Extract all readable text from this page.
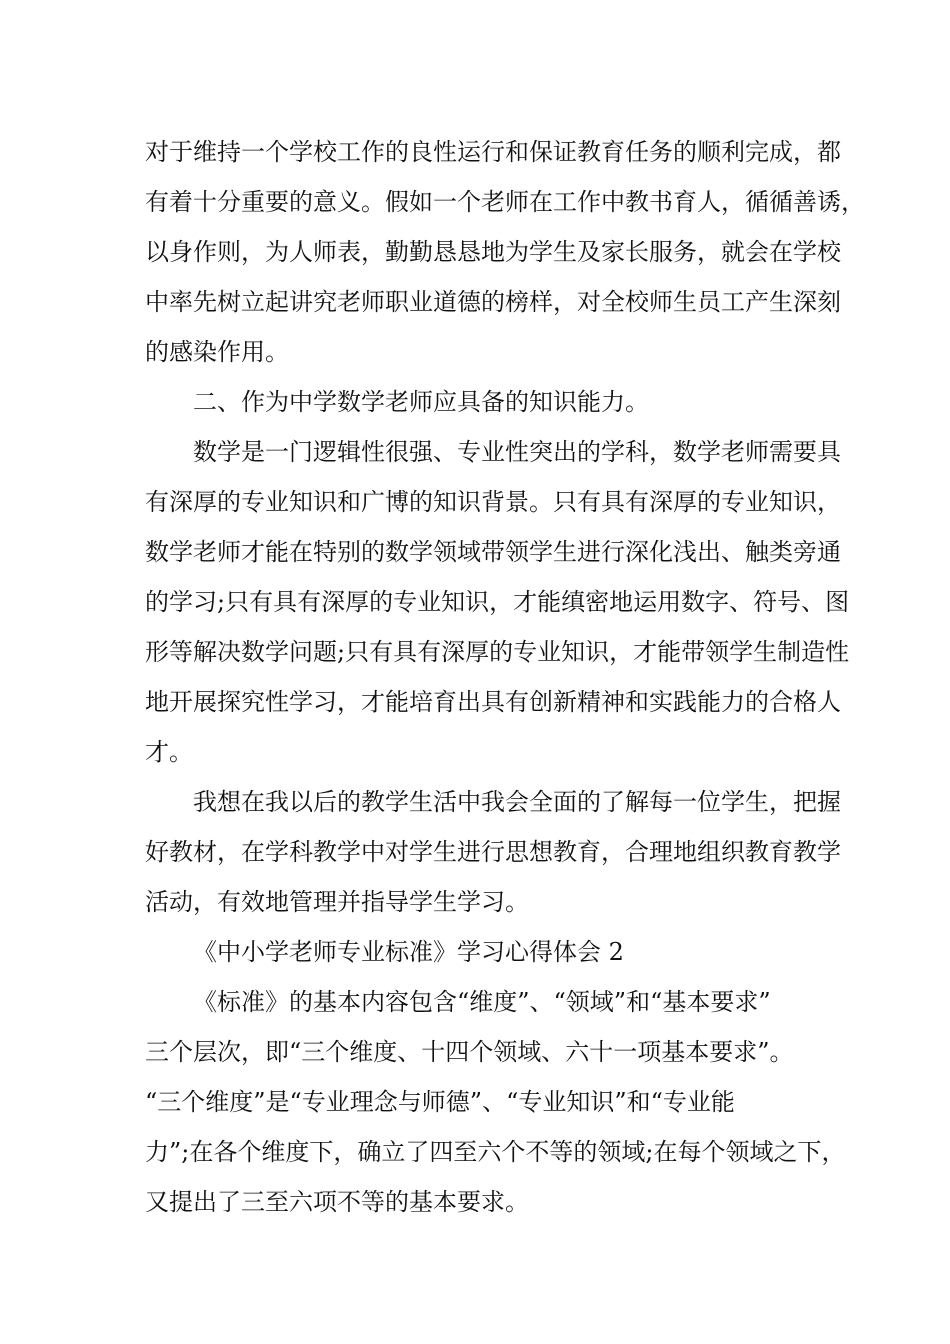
对于维持一个学校工作的良性运行和保证教育任务的顺利完成，都
有着十分重要的意义。假如一个老师在工作中教书育人，循循善诱，
以身作则，为人师表，勤勤恳恳地为学生及家长服务，就会在学校
中率先树立起讲究老师职业道德的榜样，对全校师生员工产生深刻
的感染作用。
二、作为中学数学老师应具备的知识能力。
数学是一门逻辑性很强、专业性突出的学科，数学老师需要具
有深厚的专业知识和广博的知识背景。只有具有深厚的专业知识，
数学老师才能在特别的数学领域带领学生进行深化浅出、触类旁通
的学习;只有具有深厚的专业知识，才能缜密地运用数字、符号、图
形等解决数学问题;只有具有深厚的专业知识，才能带领学生制造性
地开展探究性学习，才能培育出具有创新精神和实践能力的合格人
才。
我想在我以后的教学生活中我会全面的了解每一位学生，把握
好教材，在学科教学中对学生进行思想教育，合理地组织教育教学
活动，有效地管理并指导学生学习。
《中小学老师专业标准》学习心得体会 2
《标准》的基本内容包含“维度”、“领域”和“基本要求”
三个层次，即“三个维度、十四个领域、六十一项基本要求”。
“三个维度”是“专业理念与师德”、“专业知识”和“专业能
力”;在各个维度下，确立了四至六个不等的领域;在每个领域之下，
又提出了三至六项不等的基本要求。
